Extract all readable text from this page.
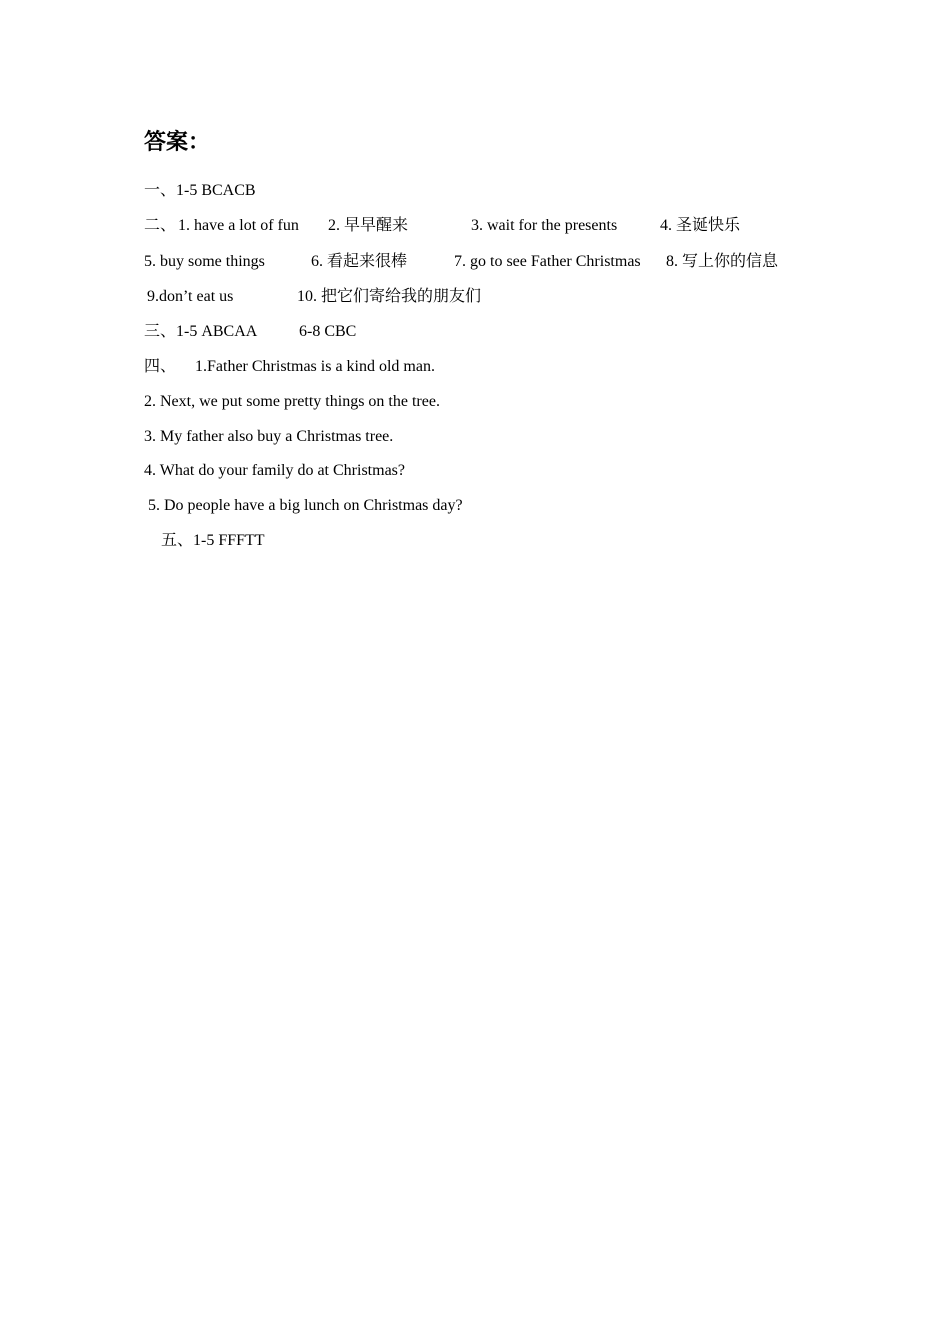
答案：
一、1-5 BCACB
二、 1. have a lot of fun 2. 早早醒来	3. wait for the presents	4. 圣诞快乐
5. buy some things	6. 看起来很棒	7. go to see Father Christmas 8. 写上你的信息
9.don’t eat us	10. 把它们寄给我的朋友们
三、1-5 ABCAA	6-8 CBC
四、 1.Father Christmas is a kind old man.
2. Next, we put some pretty things on the tree.
3. My father also buy a Christmas tree.
4. What do your family do at Christmas?
5. Do people have a big lunch on Christmas day?
五、1-5 FFFTT
